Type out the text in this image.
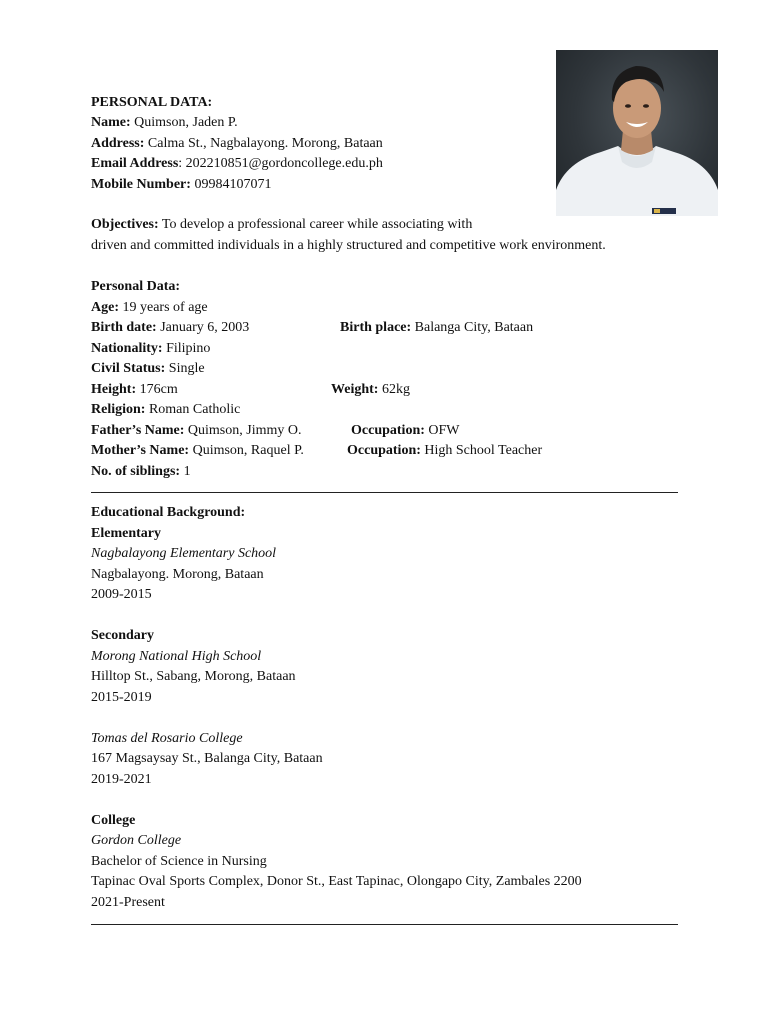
PERSONAL DATA:
Name: Quimson, Jaden P.
Address: Calma St., Nagbalayong. Morong, Bataan
Email Address: 202210851@gordoncollege.edu.ph
Mobile Number: 09984107071
Objectives: To develop a professional career while associating with
driven and committed individuals in a highly structured and competitive work environment.
Personal Data:
Age: 19 years of age
Birth date: January 6, 2003	Birth place: Balanga City, Bataan
Nationality: Filipino
Civil Status: Single
Height: 176cm	Weight: 62kg
Religion: Roman Catholic
Father’s Name: Quimson, Jimmy O.	Occupation: OFW
Mother’s Name: Quimson, Raquel P.	Occupation: High School Teacher
No. of siblings: 1
Educational Background:
Elementary
Nagbalayong Elementary School
Nagbalayong. Morong, Bataan
2009-2015
Secondary
Morong National High School
Hilltop St., Sabang, Morong, Bataan
2015-2019
Tomas del Rosario College
167 Magsaysay St., Balanga City, Bataan
2019-2021
College
Gordon College
Bachelor of Science in Nursing
Tapinac Oval Sports Complex, Donor St., East Tapinac, Olongapo City, Zambales 2200
2021-Present
